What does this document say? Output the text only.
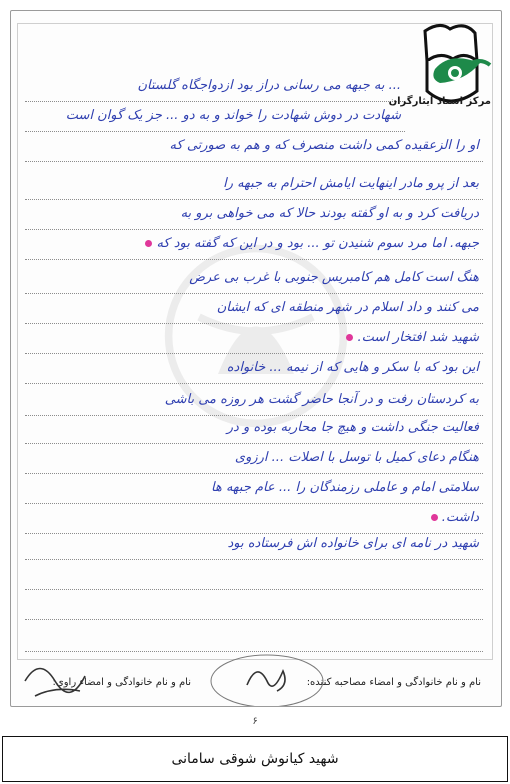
... به جبهه می رسانی دراز بود ازدواجگاه گلستان
شهادت در دوش شهادت را خواند و به دو ... جز یک گوان است
او را الزعقیده کمی داشت منصرف که و هم به صورتی که
بعد از پرو مادر اینهایت ایامش احترام به جبهه را
دریافت کرد و به او گفته بودند حالا که می خواهی برو به
جبهه. اما مرد سوم شنیدن تو ... بود و در این که گفته بود که
هنگ است کامل هم کامبریس جنوبی با غرب بی عرض
می کنند و داد اسلام در شهر منطقه ای که ایشان
شهید شد افتخار است.
این بود که با سکر و هایی که از نیمه ... خانواده
به کردستان رفت و در آنجا حاضر گشت هر روزه می باشی
فعالیت جنگی داشت و هیچ جا محاربه بوده و در
هنگام دعای کمیل با توسل با اصلات ... ارزوی
سلامتی امام و عاملی رزمندگان را ... عام جبهه ها
داشت.
شهید در نامه ای برای خانواده اش فرستاده بود
مرکز اسناد ایثارگران
نام و نام خانوادگی و امضاء مصاحبه کننده:
نام و نام خانوادگی و امضاء راوی:
۶
شهید کیانوش شوقی سامانی
